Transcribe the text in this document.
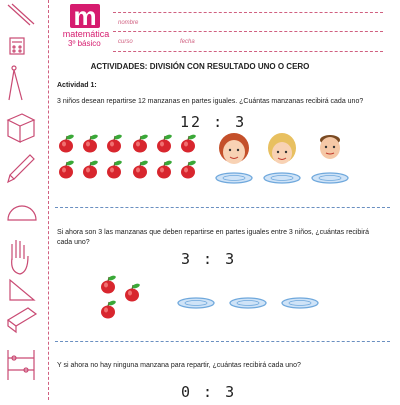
m
matemática
3º básico
nombre
curso	fecha
ACTIVIDADES: DIVISIÓN CON RESULTADO UNO O CERO
Actividad 1:
3 niños desean repartirse 12 manzanas en partes iguales. ¿Cuántas manzanas recibirá cada uno?
12 : 3
Si ahora son 3 las manzanas que deben repartirse en partes iguales entre 3 niños, ¿cuántas recibirá cada uno?
3 : 3
Y si ahora no hay ninguna manzana para repartir, ¿cuántas recibirá cada uno?
0 : 3
